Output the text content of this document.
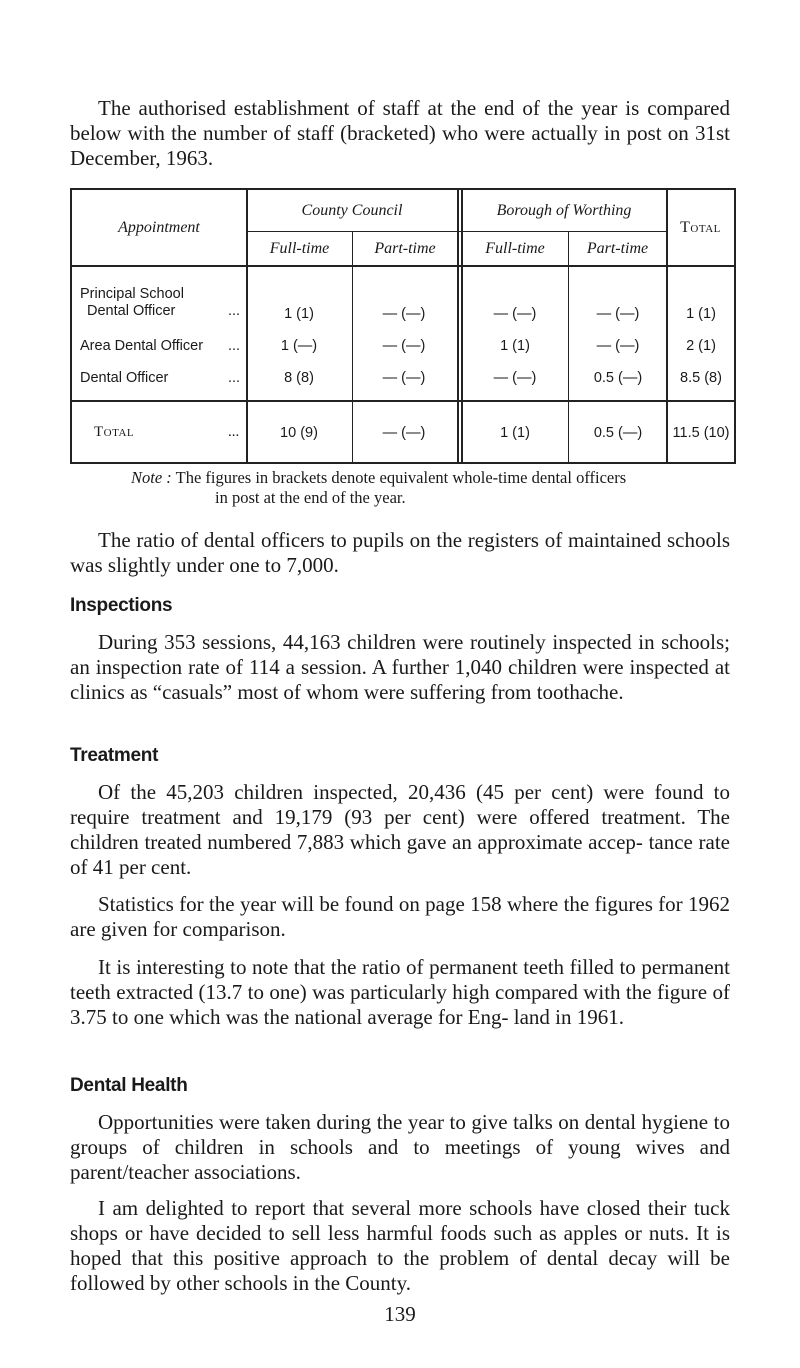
The authorised establishment of staff at the end of the year is compared below with the number of staff (bracketed) who were actually in post on 31st December, 1963.

Appointment
County Council	Borough of Worthing
Total
Full-time	Part-time	Full-time	Part-time
Principal School
Dental Officer	...	1 (1)	— (—)	— (—)	— (—)	1 (1)
Area Dental Officer ...	1 (—)	— (—)	1 (1)	— (—)	2 (1)
Dental Officer	...	8 (8)	— (—)	— (—)	0.5 (—)	8.5 (8)
Total	...	10 (9)	— (—)	1 (1)	0.5 (—)	11.5 (10)
Note : The figures in brackets denote equivalent whole-time dental officers
in post at the end of the year.

The ratio of dental officers to pupils on the registers of maintained schools was slightly under one to 7,000.

Inspections

During 353 sessions, 44,163 children were routinely inspected in schools; an inspection rate of 114 a session. A further 1,040 children were inspected at clinics as “casuals” most of whom were suffering from toothache.

Treatment

Of the 45,203 children inspected, 20,436 (45 per cent) were found to require treatment and 19,179 (93 per cent) were offered treatment. The children treated numbered 7,883 which gave an approximate accep- tance rate of 41 per cent.

Statistics for the year will be found on page 158 where the figures for 1962 are given for comparison.

It is interesting to note that the ratio of permanent teeth filled to permanent teeth extracted (13.7 to one) was particularly high compared with the figure of 3.75 to one which was the national average for Eng- land in 1961.

Dental Health

Opportunities were taken during the year to give talks on dental hygiene to groups of children in schools and to meetings of young wives and parent/teacher associations.

I am delighted to report that several more schools have closed their tuck shops or have decided to sell less harmful foods such as apples or nuts. It is hoped that this positive approach to the problem of dental decay will be followed by other schools in the County.

139
